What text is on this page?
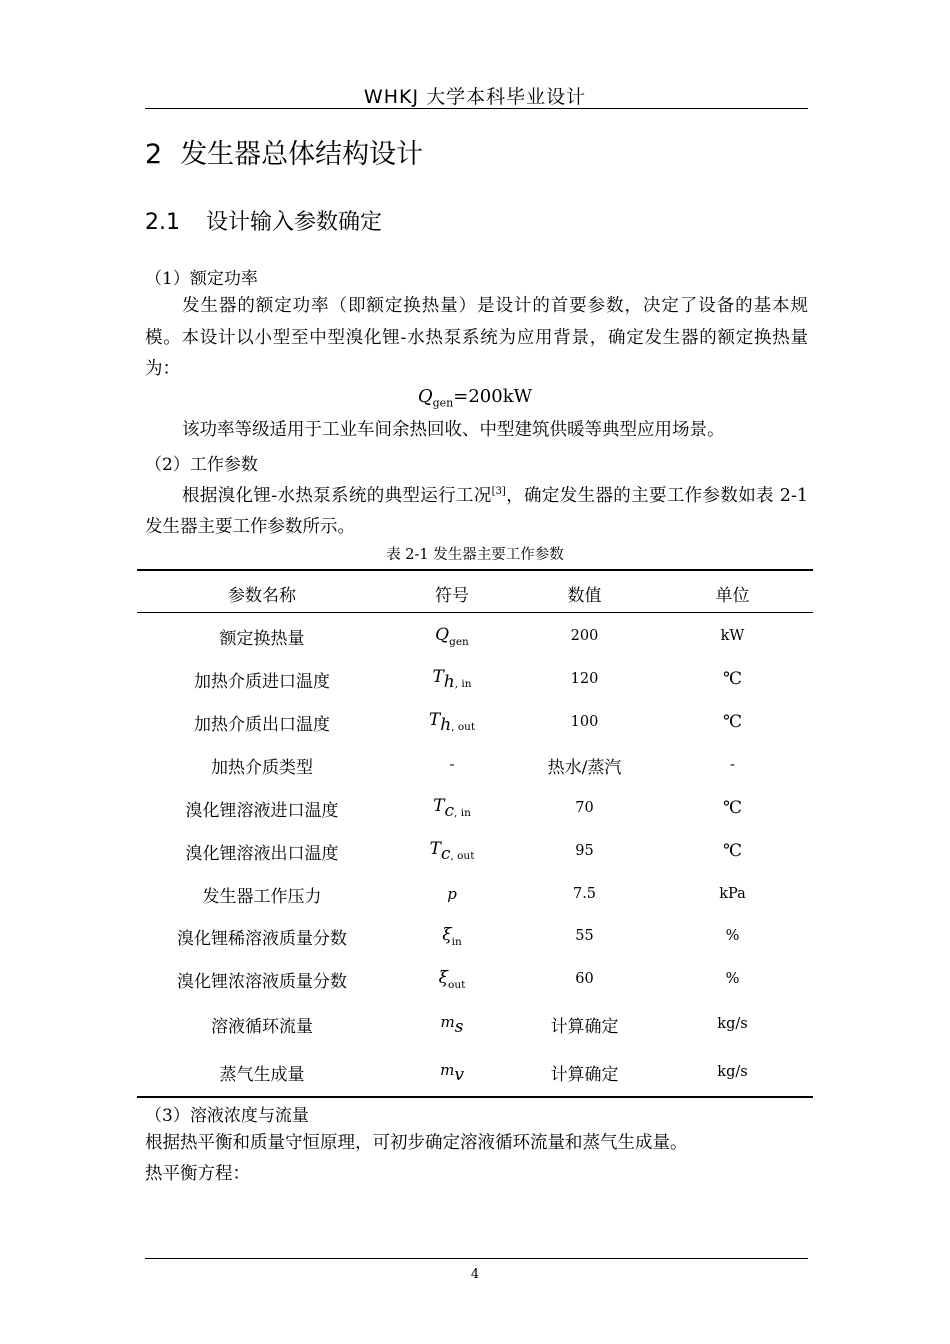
WHKJ 大学本科毕业设计
2 发生器总体结构设计
2.1 设计输入参数确定
（1）额定功率
发生器的额定功率（即额定换热量）是设计的首要参数，决定了设备的基本规模。本设计以小型至中型溴化锂-水热泵系统为应用背景，确定发生器的额定换热量为：
$Q_{gen}=200kW$
该功率等级适用于工业车间余热回收、中型建筑供暖等典型应用场景。
（2）工作参数
根据溴化锂-水热泵系统的典型运行工况[3]，确定发生器的主要工作参数如表 2-1发生器主要工作参数所示。
表 2-1 发生器主要工作参数
参数名称	符号	数值	单位
额定换热量	$Q_{gen}$	200	kW
加热介质进口温度	$T_{h, in}$	120	℃
加热介质出口温度	$T_{h, out}$	100	℃
加热介质类型	-	热水/蒸汽	-
溴化锂溶液进口温度	$T_{c, in}$	70	℃
溴化锂溶液出口温度	$T_{c, out}$	95	℃
发生器工作压力	p	7.5	kPa
溴化锂稀溶液质量分数	$\xi_{in}$	55	%
溴化锂浓溶液质量分数	$\xi_{out}$	60	%
溶液循环流量	$m_s$	计算确定	kg/s
蒸气生成量	$m_v$	计算确定	kg/s
（3）溶液浓度与流量
根据热平衡和质量守恒原理，可初步确定溶液循环流量和蒸气生成量。
热平衡方程：
4
